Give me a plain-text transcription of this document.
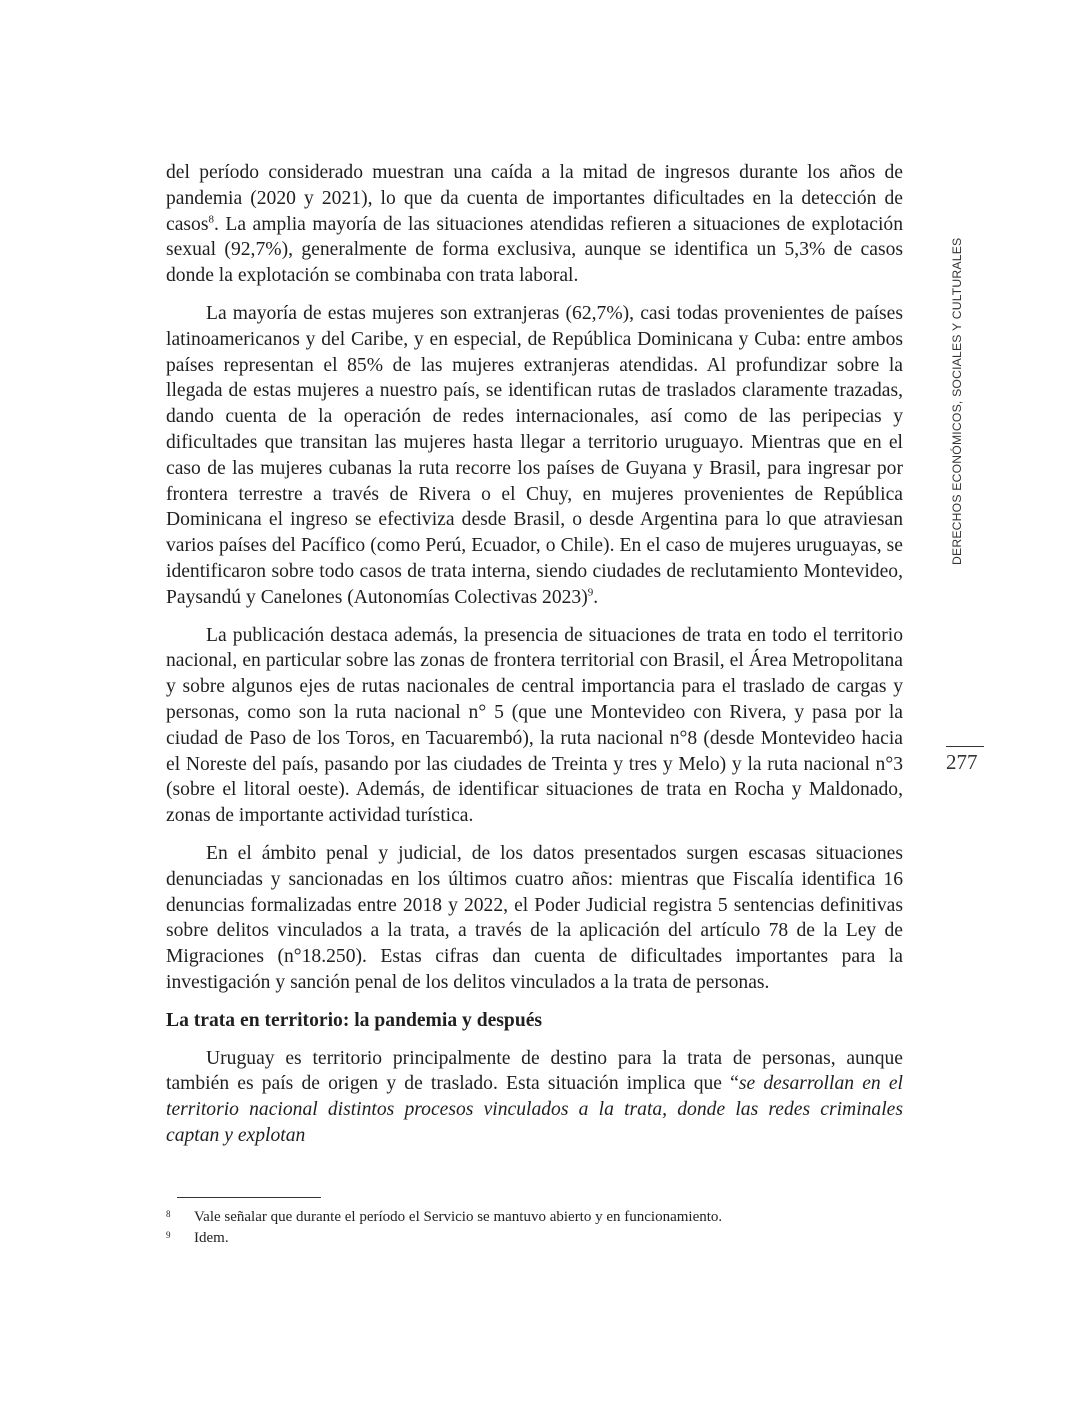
del período considerado muestran una caída a la mitad de ingresos durante los años de pandemia (2020 y 2021), lo que da cuenta de importantes dificultades en la detección de casos$^8$. La amplia mayoría de las situaciones atendidas refieren a situaciones de explotación sexual (92,7%), generalmente de forma exclusiva, aunque se identifica un 5,3% de casos donde la explotación se combinaba con trata laboral.

La mayoría de estas mujeres son extranjeras (62,7%), casi todas provenientes de países latinoamericanos y del Caribe, y en especial, de República Dominicana y Cuba: entre ambos países representan el 85% de las mujeres extranjeras atendidas. Al profundizar sobre la llegada de estas mujeres a nuestro país, se identifican rutas de traslados claramente trazadas, dando cuenta de la operación de redes internacionales, así como de las peripecias y dificultades que transitan las mujeres hasta llegar a territorio uruguayo. Mientras que en el caso de las mujeres cubanas la ruta recorre los países de Guyana y Brasil, para ingresar por frontera terrestre a través de Rivera o el Chuy, en mujeres provenientes de República Dominicana el ingreso se efectiviza desde Brasil, o desde Argentina para lo que atraviesan varios países del Pacífico (como Perú, Ecuador, o Chile). En el caso de mujeres uruguayas, se identificaron sobre todo casos de trata interna, siendo ciudades de reclutamiento Montevideo, Paysandú y Canelones (Autonomías Colectivas 2023)$^9$.

La publicación destaca además, la presencia de situaciones de trata en todo el territorio nacional, en particular sobre las zonas de frontera territorial con Brasil, el Área Metropolitana y sobre algunos ejes de rutas nacionales de central importancia para el traslado de cargas y personas, como son la ruta nacional n° 5 (que une Montevideo con Rivera, y pasa por la ciudad de Paso de los Toros, en Tacuarembó), la ruta nacional n°8 (desde Montevideo hacia el Noreste del país, pasando por las ciudades de Treinta y tres y Melo) y la ruta nacional n°3 (sobre el litoral oeste). Además, de identificar situaciones de trata en Rocha y Maldonado, zonas de importante actividad turística.

En el ámbito penal y judicial, de los datos presentados surgen escasas situaciones denunciadas y sancionadas en los últimos cuatro años: mientras que Fiscalía identifica 16 denuncias formalizadas entre 2018 y 2022, el Poder Judicial registra 5 sentencias definitivas sobre delitos vinculados a la trata, a través de la aplicación del artículo 78 de la Ley de Migraciones (n°18.250). Estas cifras dan cuenta de dificultades importantes para la investigación y sanción penal de los delitos vinculados a la trata de personas.

La trata en territorio: la pandemia y después

Uruguay es territorio principalmente de destino para la trata de personas, aunque también es país de origen y de traslado. Esta situación implica que “se desarrollan en el territorio nacional distintos procesos vinculados a la trata, donde las redes criminales captan y explotan

8	Vale señalar que durante el período el Servicio se mantuvo abierto y en funcionamiento.
9	Idem.
DERECHOS ECONÓMICOS, SOCIALES Y CULTURALES
277
